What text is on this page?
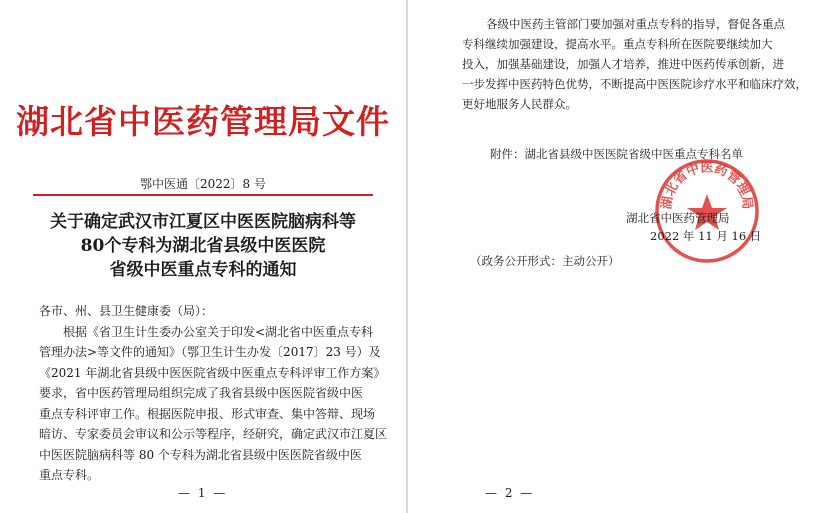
湖北省中医药管理局文件
鄂中医通〔2022〕8 号
关于确定武汉市江夏区中医医院脑病科等
80个专科为湖北省县级中医医院
省级中医重点专科的通知
各市、州、县卫生健康委（局）：
根据《省卫生计生委办公室关于印发<湖北省中医重点专科
管理办法>等文件的通知》（鄂卫生计生办发〔2017〕23 号）及
《2021 年湖北省县级中医医院省级中医重点专科评审工作方案》
要求，省中医药管理局组织完成了我省县级中医医院省级中医
重点专科评审工作。根据医院申报、形式审查、集中答辩、现场
暗访、专家委员会审议和公示等程序，经研究，确定武汉市江夏区
中医医院脑病科等 80 个专科为湖北省县级中医医院省级中医
重点专科。
— 1 —	— 2 —
各级中医药主管部门要加强对重点专科的指导，督促各重点
专科继续加强建设，提高水平。重点专科所在医院要继续加大
投入，加强基础建设，加强人才培养，推进中医药传承创新，进
一步发挥中医药特色优势，不断提高中医医院诊疗水平和临床疗效，
更好地服务人民群众。
附件：湖北省县级中医医院省级中医重点专科名单
湖北省中医药管理局
湖北省中医药管理局
2022 年 11 月 16 日
（政务公开形式：主动公开）
